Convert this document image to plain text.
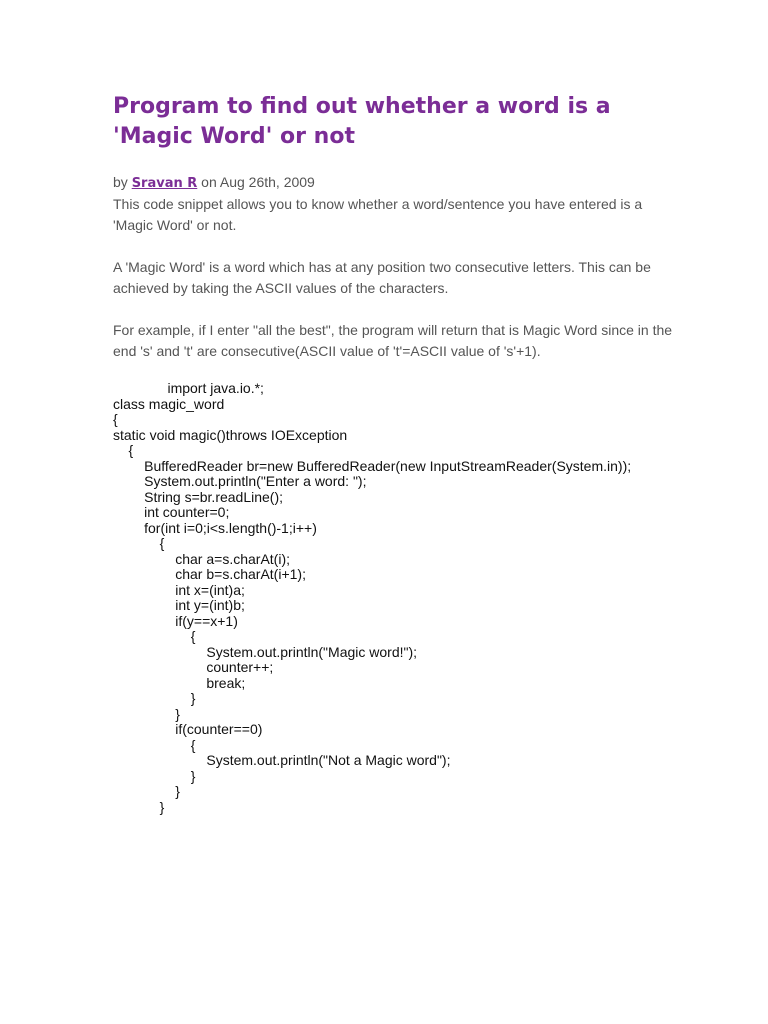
Program to find out whether a word is a 'Magic Word' or not
by Sravan R on Aug 26th, 2009

This code snippet allows you to know whether a word/sentence you have entered is a 'Magic Word' or not.

A 'Magic Word' is a word which has at any position two consecutive letters. This can be achieved by taking the ASCII values of the characters.

For example, if I enter "all the best", the program will return that is Magic Word since in the end 's' and 't' are consecutive(ASCII value of 't'=ASCII value of 's'+1).

import java.io.*;
class magic_word
{
static void magic()throws IOException
{
BufferedReader br=new BufferedReader(new InputStreamReader(System.in));
System.out.println("Enter a word: ");
String s=br.readLine();
int counter=0;
for(int i=0;i<s.length()-1;i++)
{
char a=s.charAt(i);
char b=s.charAt(i+1);
int x=(int)a;
int y=(int)b;
if(y==x+1)
{
System.out.println("Magic word!");
counter++;
break;
}
}
if(counter==0)
{
System.out.println("Not a Magic word");
}
}
}
